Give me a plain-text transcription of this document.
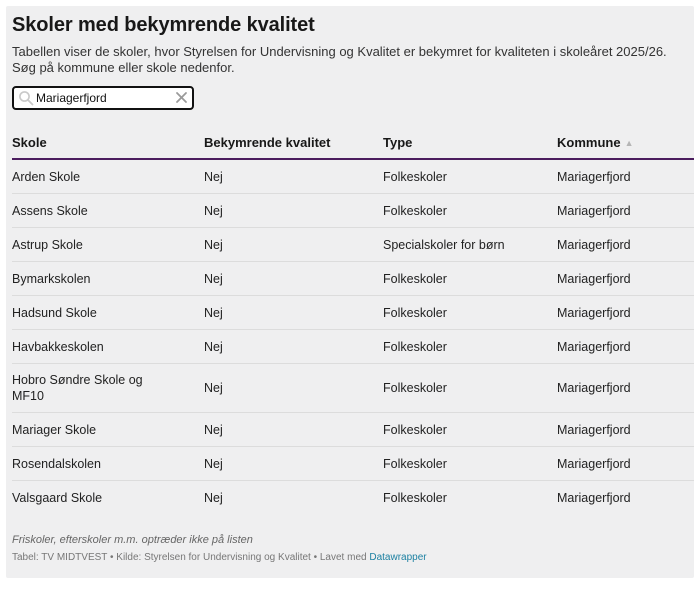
Skoler med bekymrende kvalitet
Tabellen viser de skoler, hvor Styrelsen for Undervisning og Kvalitet er bekymret for kvaliteten i skoleåret 2025/26. Søg på kommune eller skole nedenfor.
Mariagerfjord
Skole	Bekymrende kvalitet	Type	Kommune ▲

Arden Skole	Nej	Folkeskoler	Mariagerfjord

Assens Skole	Nej	Folkeskoler	Mariagerfjord

Astrup Skole	Nej	Specialskoler for børn	Mariagerfjord

Bymarkskolen	Nej	Folkeskoler	Mariagerfjord

Hadsund Skole	Nej	Folkeskoler	Mariagerfjord

Havbakkeskolen	Nej	Folkeskoler	Mariagerfjord

Hobro Søndre Skole og MF10	Nej	Folkeskoler	Mariagerfjord

Mariager Skole	Nej	Folkeskoler	Mariagerfjord

Rosendalskolen	Nej	Folkeskoler	Mariagerfjord

Valsgaard Skole	Nej	Folkeskoler	Mariagerfjord
Friskoler, efterskoler m.m. optræder ikke på listen
Tabel: TV MIDTVEST • Kilde: Styrelsen for Undervisning og Kvalitet • Lavet med Datawrapper
